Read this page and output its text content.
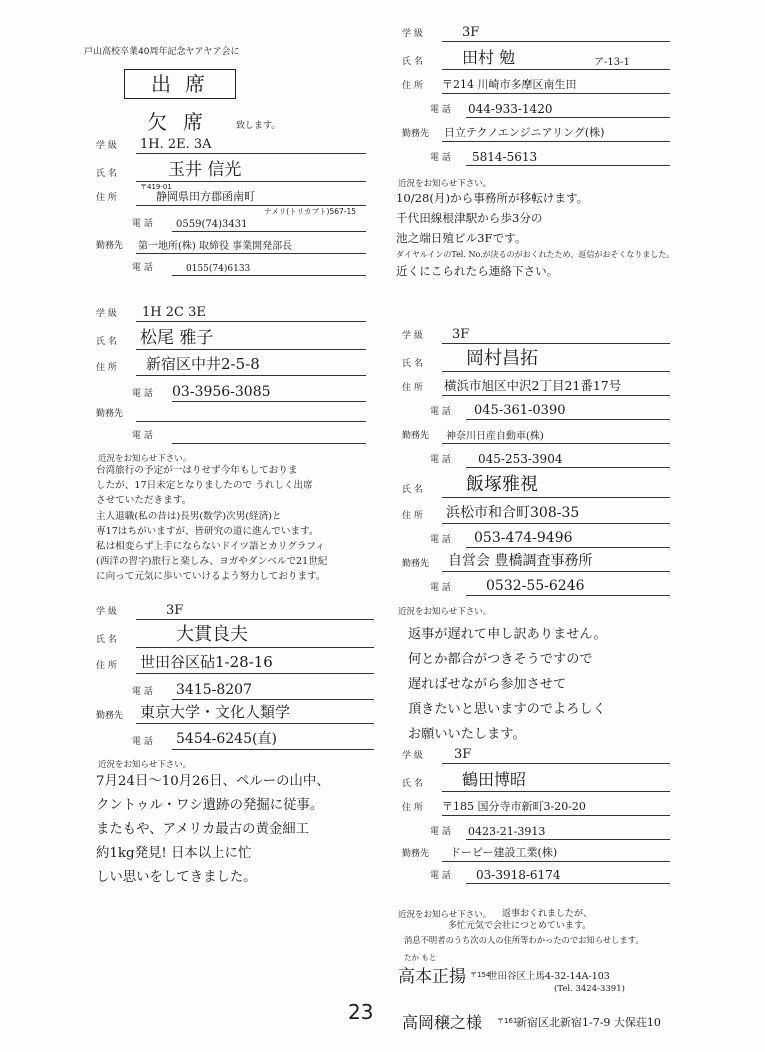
戸山高校卒業40周年記念ヤアヤア会に
出席
欠席 致します。
学 級 1H. 2E. 3A
氏 名	玉井 信光
〒419-01
住 所	静岡県田方郡函南町
ナメリ(トリカブト)567-15
電 話 0559(74)3431
勤務先 第一地所(株) 取締役 事業開発部長
電 話	0155(74)6133
学 級 1H 2C 3E
氏 名 松尾 雅子
住 所 新宿区中井2-5-8
電 話 03-3956-3085
勤務先
電 話
近況をお知らせ下さい。
台湾旅行の予定が一はりせず今年もしておりま
したが、17日未定となりましたので うれしく出席
させていただきます。
主人退職(私の昔は)長男(数学)次男(経済)と
専17はちがいますが、皆研究の道に進んでいます。
私は相変らず上手にならないドイツ語とカリグラフィ
(西洋の習字)旅行と楽しみ、ヨガやダンベルで21世紀
に向って元気に歩いていけるよう努力しております。
学 級	3F
氏 名	大貫良夫
住 所 世田谷区砧1-28-16
電 話 3415-8207
勤務先 東京大学・文化人類学
電 話 5454-6245(直)
近況をお知らせ下さい。
7月24日〜10月26日、ペルーの山中、
クントゥル・ワシ遺跡の発掘に従事。
またもや、アメリカ最古の黄金細工
約1kg発見! 日本以上に忙
しい思いをしてきました。
学 級	3F
氏 名 田村 勉	ア-13-1
住 所 〒214 川崎市多摩区南生田
電 話 044-933-1420
勤務先 日立テクノエンジニアリング(株)
電 話 5814-5613
近況をお知らせ下さい。
10/28(月)から事務所が移転けます。
千代田線根津駅から歩3分の
池之端日殖ビル3Fです。
ダイヤルインのTel. No.が決るのがおくれたため、返信がおそくなりました。
近くにこられたら連絡下さい。
学 級 3F
氏 名 岡村昌拓
住 所 横浜市旭区中沢2丁目21番17号
電 話 045-361-0390
勤務先 神奈川日産自動車(株)
電 話 045-253-3904
氏 名 飯塚雅視
住 所 浜松市和合町308-35
電 話 053-474-9496
勤務先 自営会 豊橋調査事務所
電 話	0532-55-6246
近況をお知らせ下さい。
返事が遅れて申し訳ありません。
何とか都合がつきそうですので
遅ればせながら参加させて
頂きたいと思いますのでよろしく
お願いいたします。
学 級 3F
氏 名 鶴田博昭
住 所 〒185 国分寺市新町3-20-20
電 話 0423-21-3913
勤務先 ドーピー建設工業(株)
電 話 03-3918-6174
近況をお知らせ下さい。 返事おくれましたが、
多忙元気で会社につとめています。
消息不明者のうち次の人の住所等わかったのでお知らせします。
たか もと
高本正揚 〒154
世田谷区上馬4-32-14A-103
(Tel. 3424-3391)
高岡穣之様 〒161
新宿区北新宿1-7-9 大保荘10
23
